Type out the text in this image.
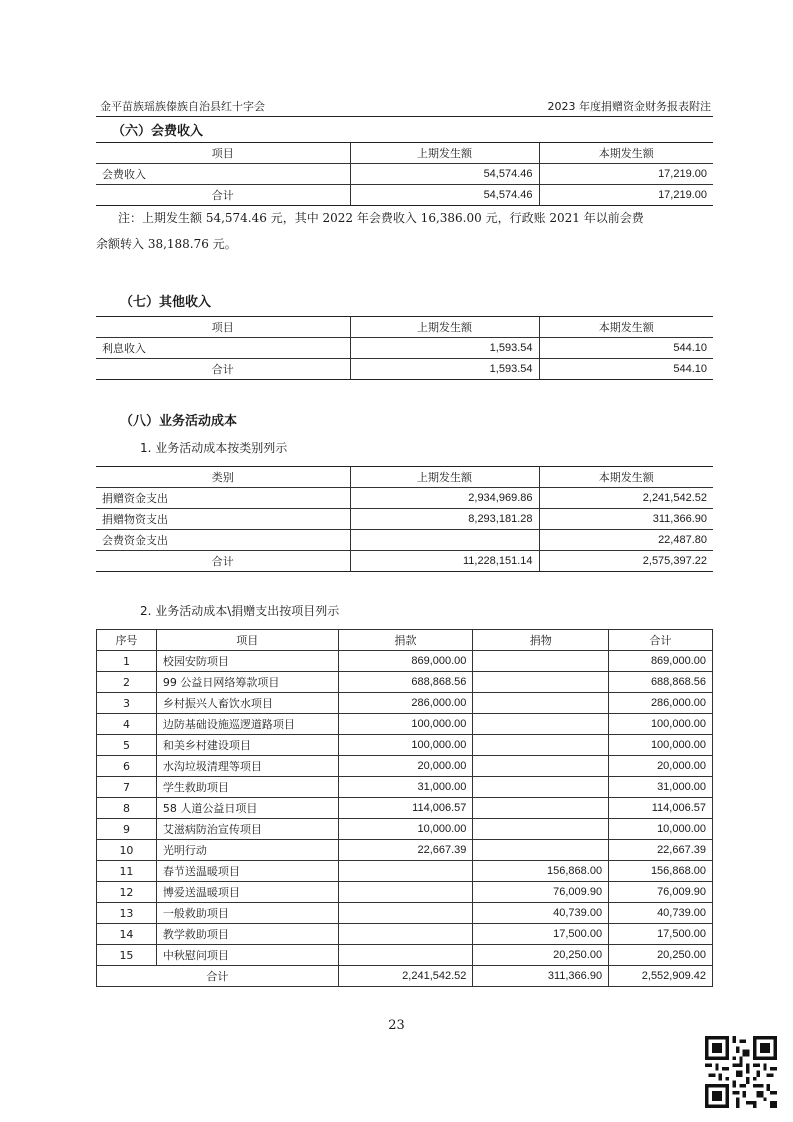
金平苗族瑶族傣族自治县红十字会	2023 年度捐赠资金财务报表附注
（六）会费收入
项目	上期发生额	本期发生额
会费收入	54,574.46	17,219.00
合计	54,574.46	17,219.00
注：上期发生额 54,574.46 元，其中 2022 年会费收入 16,386.00 元，行政账 2021 年以前会费
余额转入 38,188.76 元。
（七）其他收入
项目	上期发生额	本期发生额
利息收入	1,593.54	544.10
合计	1,593.54	544.10
（八）业务活动成本
1. 业务活动成本按类别列示
类别	上期发生额	本期发生额
捐赠资金支出	2,934,969.86	2,241,542.52
捐赠物资支出	8,293,181.28	311,366.90
会费资金支出		22,487.80
合计	11,228,151.14	2,575,397.22
2. 业务活动成本\捐赠支出按项目列示
序号	项目	捐款	捐物	合计
1	校园安防项目	869,000.00		869,000.00
2	99 公益日网络筹款项目	688,868.56		688,868.56
3	乡村振兴人畜饮水项目	286,000.00		286,000.00
4	边防基础设施巡逻道路项目	100,000.00		100,000.00
5	和美乡村建设项目	100,000.00		100,000.00
6	水沟垃圾清理等项目	20,000.00		20,000.00
7	学生救助项目	31,000.00		31,000.00
8	58 人道公益日项目	114,006.57		114,006.57
9	艾滋病防治宣传项目	10,000.00		10,000.00
10	光明行动	22,667.39		22,667.39
11	春节送温暖项目		156,868.00	156,868.00
12	博爱送温暖项目		76,009.90	76,009.90
13	一般救助项目		40,739.00	40,739.00
14	教学救助项目		17,500.00	17,500.00
15	中秋慰问项目		20,250.00	20,250.00
合计		2,241,542.52	311,366.90	2,552,909.42
23
